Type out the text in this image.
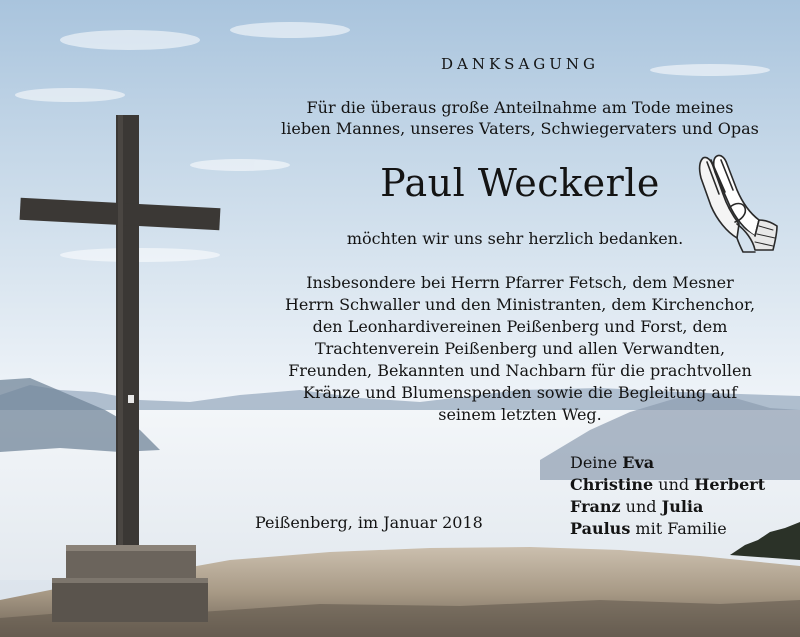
DANKSAGUNG
Für die überaus große Anteilnahme am Tode meines
lieben Mannes, unseres Vaters, Schwiegervaters und Opas
Paul Weckerle
möchten wir uns sehr herzlich bedanken.
Insbesondere bei Herrn Pfarrer Fetsch, dem Mesner
Herrn Schwaller und den Ministranten, dem Kirchenchor,
den Leonhardivereinen Peißenberg und Forst, dem
Trachtenverein Peißenberg und allen Verwandten,
Freunden, Bekannten und Nachbarn für die prachtvollen
Kränze und Blumenspenden sowie die Begleitung auf
seinem letzten Weg.
Deine Eva
Christine und Herbert
Franz und Julia
Paulus mit Familie
Peißenberg, im Januar 2018
